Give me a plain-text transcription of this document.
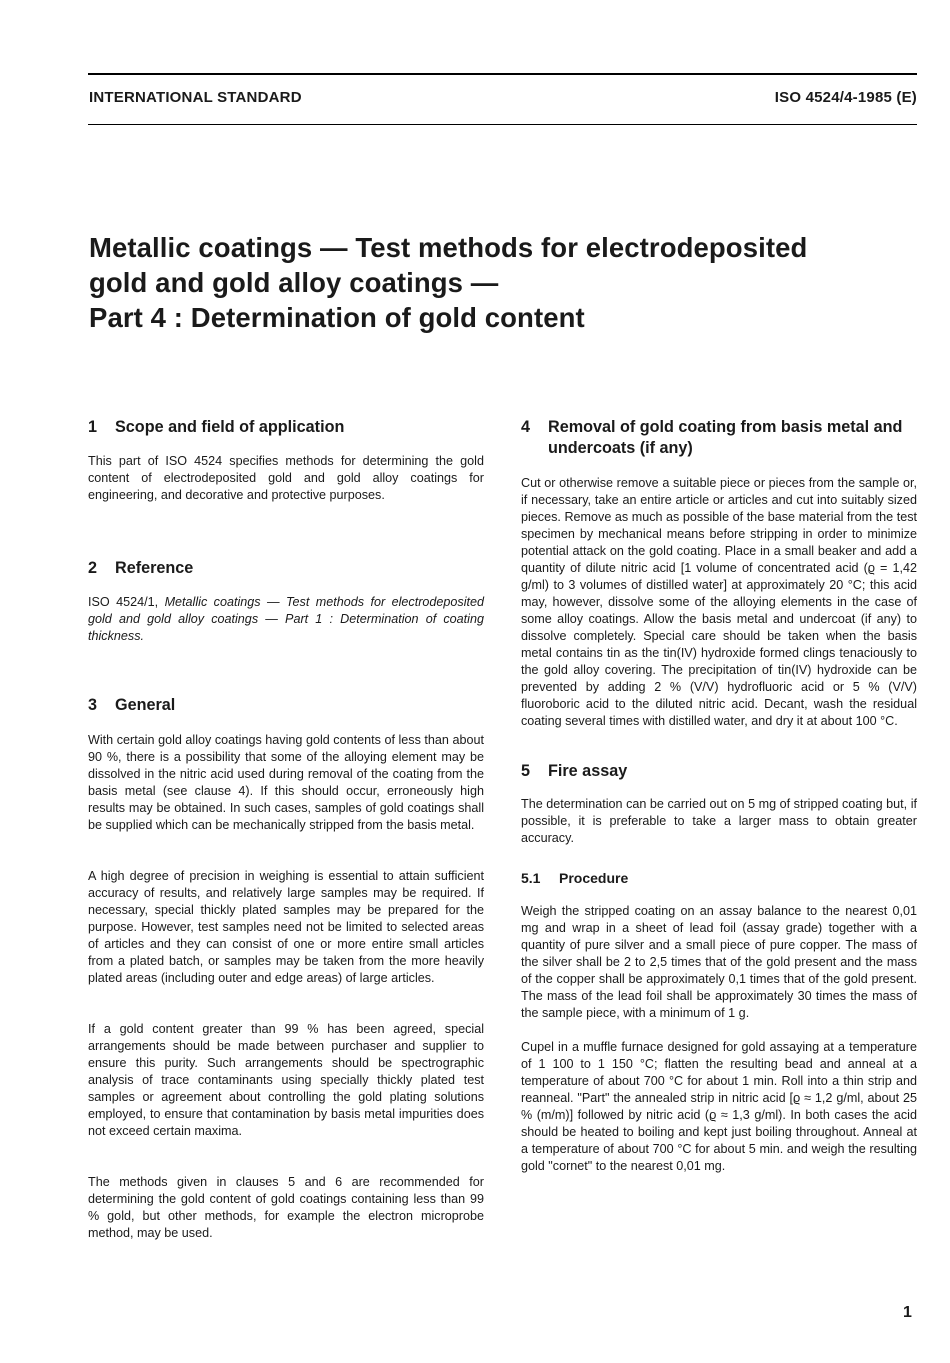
INTERNATIONAL STANDARD	ISO 4524/4-1985 (E)
Metallic coatings — Test methods for electrodeposited
gold and gold alloy coatings —
Part 4 : Determination of gold content
1	Scope and field of application

This part of ISO 4524 specifies methods for determining the gold content of electrodeposited gold and gold alloy coatings for engineering, and decorative and protective purposes.

2	Reference

ISO 4524/1, Metallic coatings — Test methods for electrodeposited gold and gold alloy coatings — Part 1 : Determination of coating thickness.

3	General

With certain gold alloy coatings having gold contents of less than about 90 %, there is a possibility that some of the alloying element may be dissolved in the nitric acid used during removal of the coating from the basis metal (see clause 4). If this should occur, erroneously high results may be obtained. In such cases, samples of gold coatings shall be supplied which can be mechanically stripped from the basis metal.

A high degree of precision in weighing is essential to attain sufficient accuracy of results, and relatively large samples may be required. If necessary, special thickly plated samples may be prepared for the purpose. However, test samples need not be limited to selected areas of articles and they can consist of one or more entire small articles from a plated batch, or samples may be taken from the more heavily plated areas (including outer and edge areas) of large articles.

If a gold content greater than 99 % has been agreed, special arrangements should be made between purchaser and supplier to ensure this purity. Such arrangements should be spectrographic analysis of trace contaminants using specially thickly plated test samples or agreement about controlling the gold plating solutions employed, to ensure that contamination by basis metal impurities does not exceed certain maxima.

The methods given in clauses 5 and 6 are recommended for determining the gold content of gold coatings containing less than 99 % gold, but other methods, for example the electron microprobe method, may be used.

4	Removal of gold coating from basis metal and undercoats (if any)

Cut or otherwise remove a suitable piece or pieces from the sample or, if necessary, take an entire article or articles and cut into suitably sized pieces. Remove as much as possible of the base material from the test specimen by mechanical means before stripping in order to minimize potential attack on the gold coating. Place in a small beaker and add a quantity of dilute nitric acid [1 volume of concentrated acid (ϱ = 1,42 g/ml) to 3 volumes of distilled water] at approximately 20 °C; this acid may, however, dissolve some of the alloying elements in the case of some alloy coatings. Allow the basis metal and undercoat (if any) to dissolve completely. Special care should be taken when the basis metal contains tin as the tin(IV) hydroxide formed clings tenaciously to the gold alloy covering. The precipitation of tin(IV) hydroxide can be prevented by adding 2 % (V/V) hydrofluoric acid or 5 % (V/V) fluoroboric acid to the diluted nitric acid. Decant, wash the residual coating several times with distilled water, and dry it at about 100 °C.

5	Fire assay

The determination can be carried out on 5 mg of stripped coating but, if possible, it is preferable to take a larger mass to obtain greater accuracy.

5.1	Procedure

Weigh the stripped coating on an assay balance to the nearest 0,01 mg and wrap in a sheet of lead foil (assay grade) together with a quantity of pure silver and a small piece of pure copper. The mass of the silver shall be 2 to 2,5 times that of the gold present and the mass of the copper shall be approximately 0,1 times that of the gold present. The mass of the lead foil shall be approximately 30 times the mass of the sample piece, with a minimum of 1 g.

Cupel in a muffle furnace designed for gold assaying at a temperature of 1 100 to 1 150 °C; flatten the resulting bead and anneal at a temperature of about 700 °C for about 1 min. Roll into a thin strip and reanneal. "Part" the annealed strip in nitric acid [ϱ ≈ 1,2 g/ml, about 25 % (m/m)] followed by nitric acid (ϱ ≈ 1,3 g/ml). In both cases the acid should be heated to boiling and kept just boiling throughout. Anneal at a temperature of about 700 °C for about 5 min. and weigh the resulting gold "cornet" to the nearest 0,01 mg.

1
